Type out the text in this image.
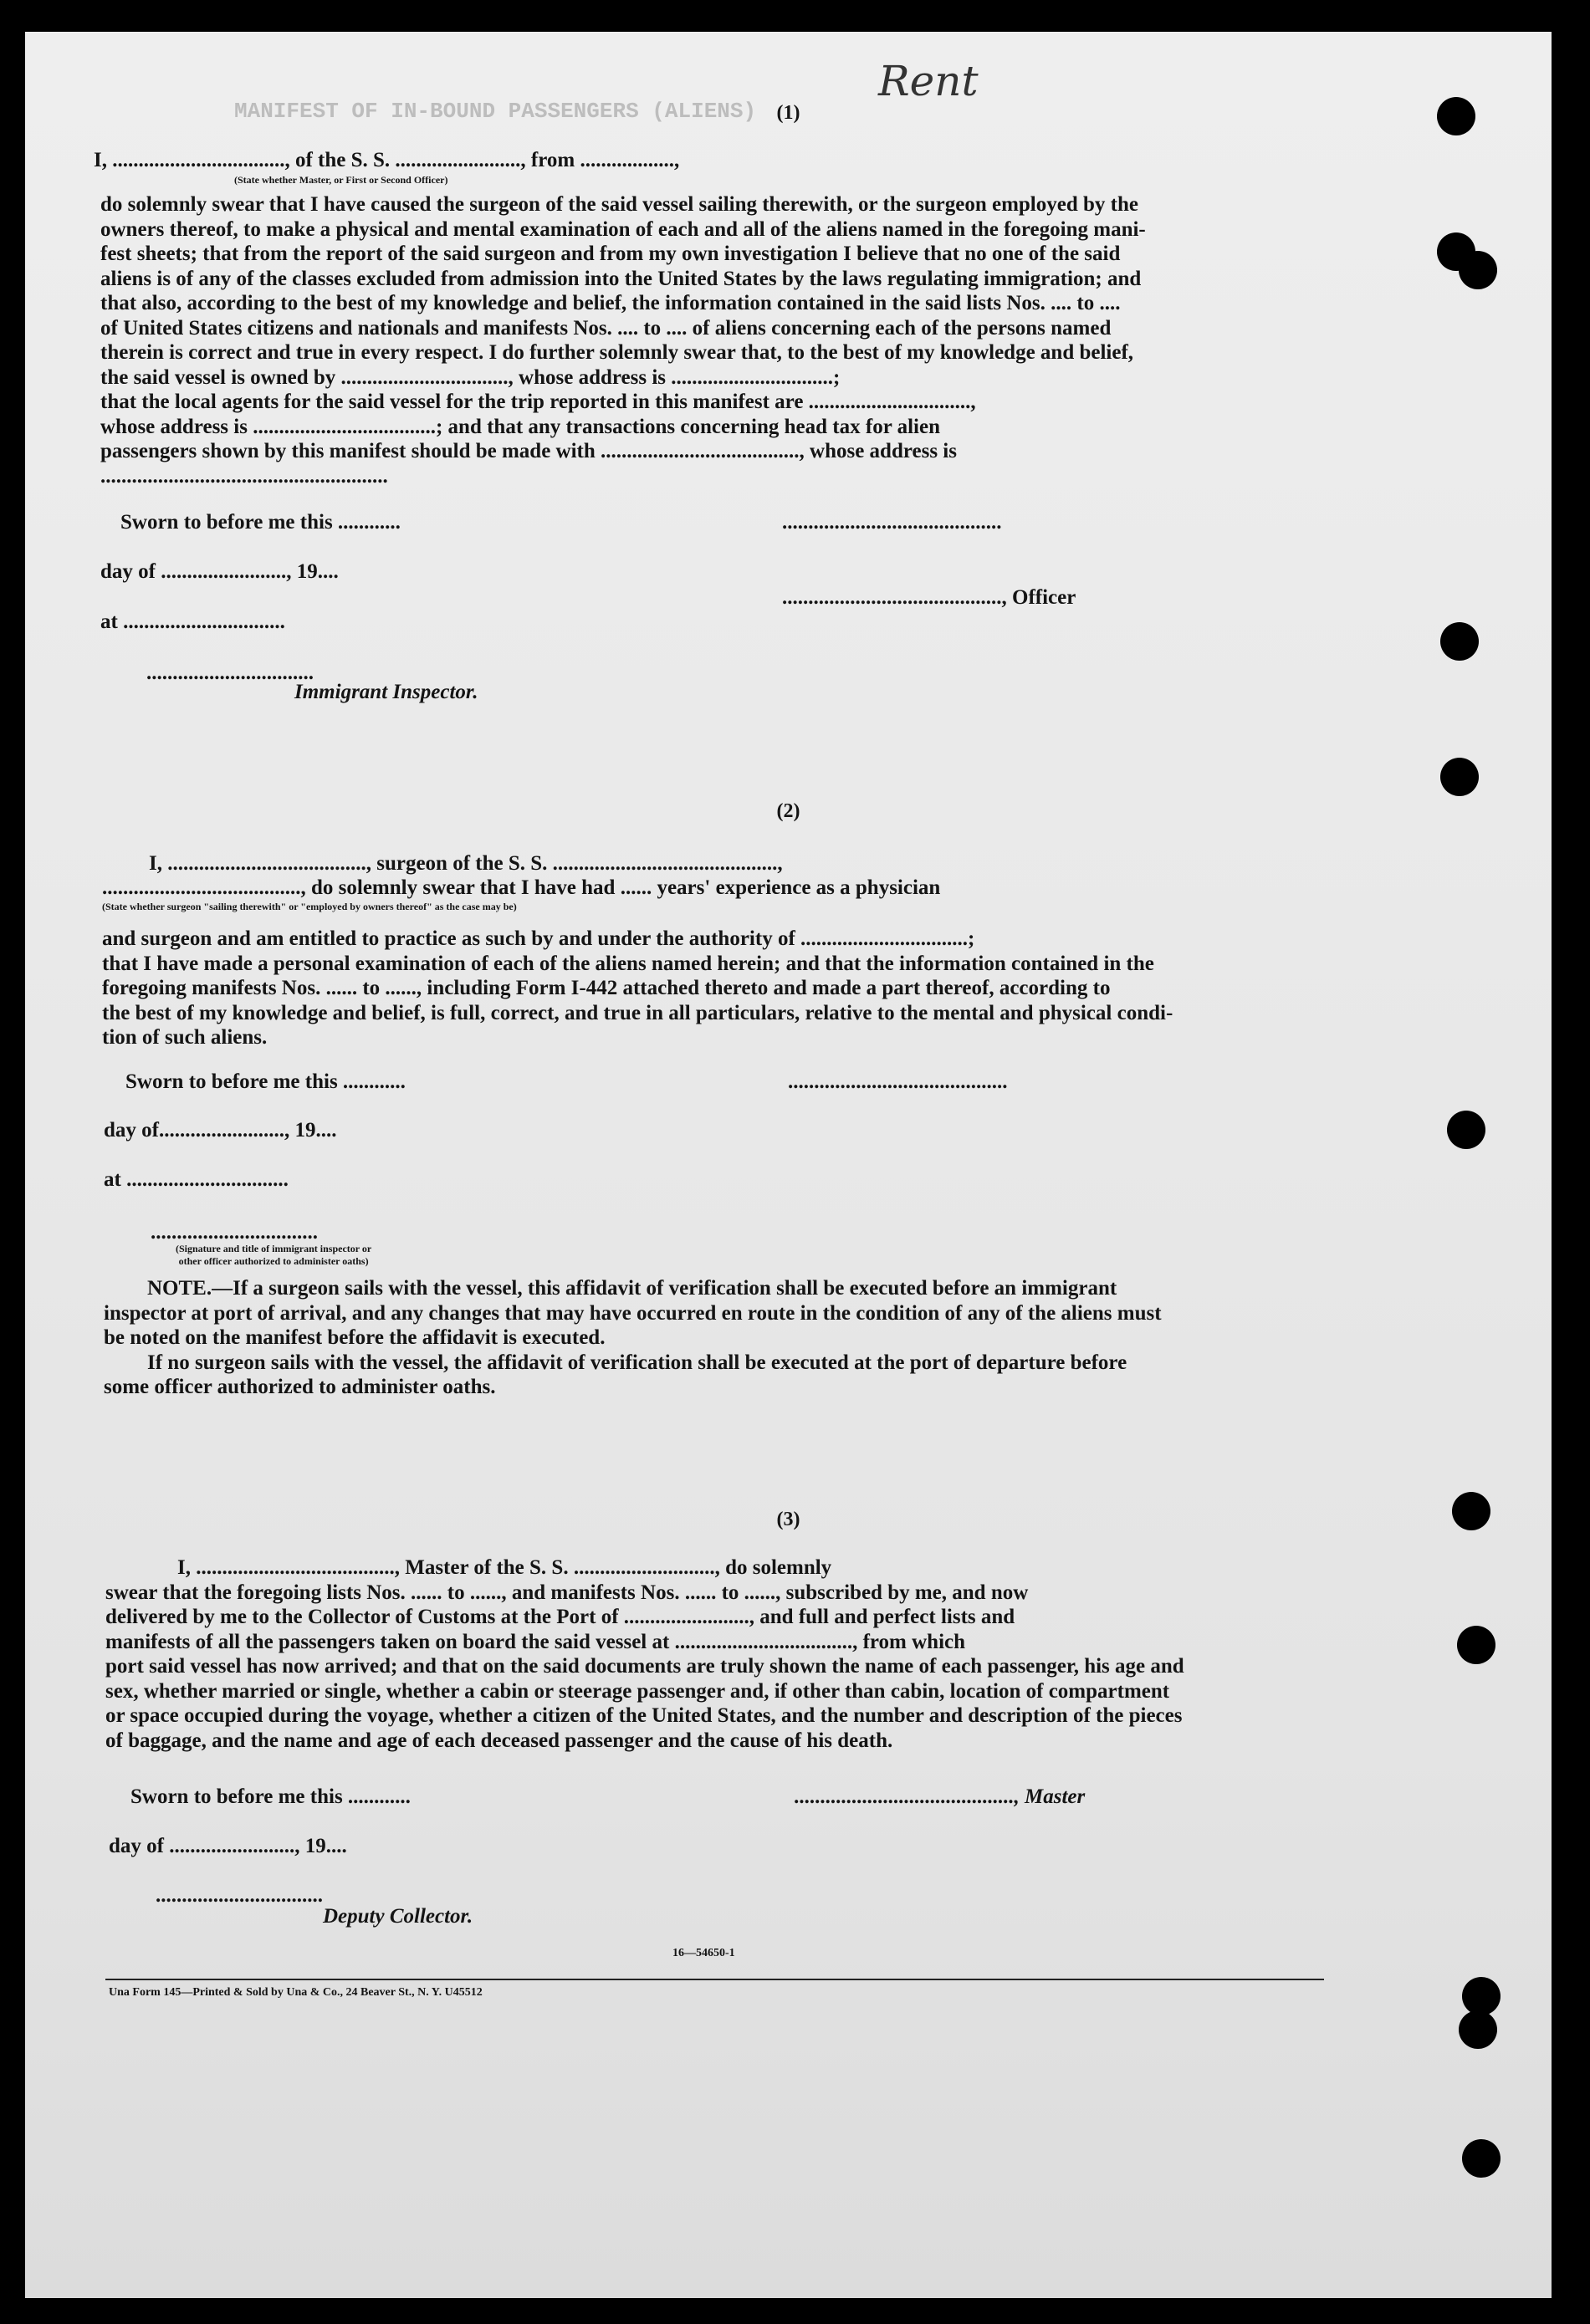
Rent
MANIFEST OF IN-BOUND PASSENGERS (ALIENS)	(1)
I, ................................., of the S. S. ........................, from ..................,
(State whether Master, or First or Second Officer)
do solemnly swear that I have caused the surgeon of the said vessel sailing therewith, or the surgeon employed by the
owners thereof, to make a physical and mental examination of each and all of the aliens named in the foregoing mani-
fest sheets; that from the report of the said surgeon and from my own investigation I believe that no one of the said
aliens is of any of the classes excluded from admission into the United States by the laws regulating immigration; and
that also, according to the best of my knowledge and belief, the information contained in the said lists Nos. .... to ....
of United States citizens and nationals and manifests Nos. .... to .... of aliens concerning each of the persons named
therein is correct and true in every respect. I do further solemnly swear that, to the best of my knowledge and belief,
the said vessel is owned by ................................, whose address is ...............................;
that the local agents for the said vessel for the trip reported in this manifest are ...............................,
whose address is ...................................; and that any transactions concerning head tax for alien
passengers shown by this manifest should be made with ......................................, whose address is
.......................................................
Sworn to before me this ............	..........................................
day of ........................, 19....
.........................................., Officer
at ...............................
................................
Immigrant Inspector.
(2)
I, ......................................, surgeon of the S. S. ...........................................,
......................................, do solemnly swear that I have had ...... years' experience as a physician
(State whether surgeon "sailing therewith" or "employed by owners thereof" as the case may be)
and surgeon and am entitled to practice as such by and under the authority of ................................;
that I have made a personal examination of each of the aliens named herein; and that the information contained in the
foregoing manifests Nos. ...... to ......, including Form I-442 attached thereto and made a part thereof, according to
the best of my knowledge and belief, is full, correct, and true in all particulars, relative to the mental and physical condi-
tion of such aliens.
Sworn to before me this ............	..........................................
day of........................, 19....
at ...............................
................................
(Signature and title of immigrant inspector or
other officer authorized to administer oaths)
NOTE.—If a surgeon sails with the vessel, this affidavit of verification shall be executed before an immigrant
inspector at port of arrival, and any changes that may have occurred en route in the condition of any of the aliens must
be noted on the manifest before the affidavit is executed.
If no surgeon sails with the vessel, the affidavit of verification shall be executed at the port of departure before
some officer authorized to administer oaths.
(3)
I, ......................................, Master of the S. S. ..........................., do solemnly
swear that the foregoing lists Nos. ...... to ......, and manifests Nos. ...... to ......, subscribed by me, and now
delivered by me to the Collector of Customs at the Port of ........................, and full and perfect lists and
manifests of all the passengers taken on board the said vessel at .................................., from which
port said vessel has now arrived; and that on the said documents are truly shown the name of each passenger, his age and
sex, whether married or single, whether a cabin or steerage passenger and, if other than cabin, location of compartment
or space occupied during the voyage, whether a citizen of the United States, and the number and description of the pieces
of baggage, and the name and age of each deceased passenger and the cause of his death.
Sworn to before me this ............	.........................................., Master
day of ........................, 19....
................................
Deputy Collector.
16—54650-1
Una Form 145—Printed & Sold by Una & Co., 24 Beaver St., N. Y. U45512
